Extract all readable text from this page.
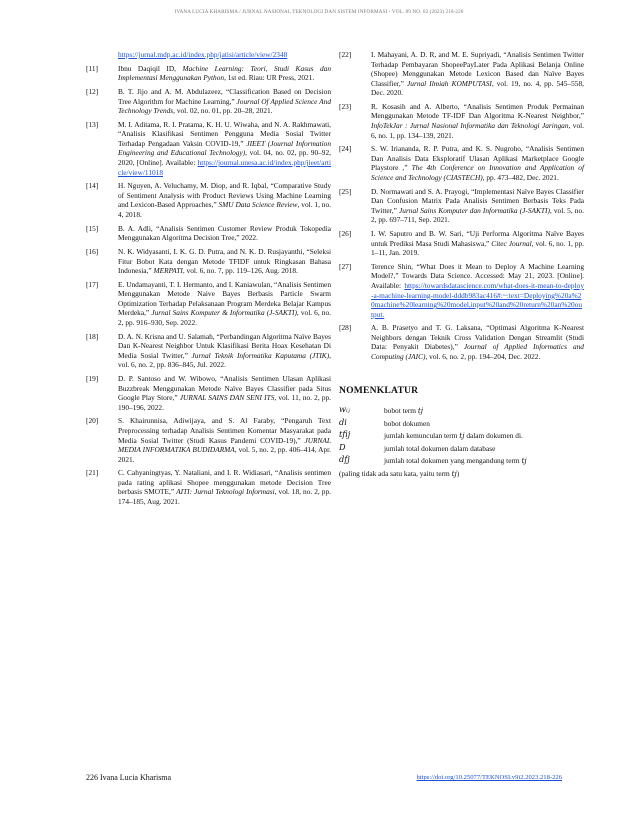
IVANA LUCIA KHARISMA / JURNAL NASIONAL TEKNOLOGI DAN SISTEM INFORMASI - VOL. 09 NO. 02 (2023) 218-226
https://jurnal.mdp.ac.id/index.php/jatisi/article/view/2348
[11]	Ibnu Daqiqil ID, Machine Learning: Teori, Studi Kasus dan Implementasi Menggunakan Python, 1st ed. Riau: UR Press, 2021.
[12]	B. T. Jijo and A. M. Abdulazeez, “Classification Based on Decision Tree Algorithm for Machine Learning,” Journal Of Applied Science And Technology Trends, vol. 02, no. 01, pp. 20–28, 2021.
[13]	M. I. Aditama, R. I. Pratama, K. H. U. Wiwaha, and N. A. Rakhmawati, “Analisis Klasifikasi Sentimen Pengguna Media Sosial Twitter Terhadap Pengadaan Vaksin COVID-19,” JIEET (Journal Information Engineering and Educational Technology), vol. 04, no. 02, pp. 90–92, 2020, [Online]. Available: https://journal.unesa.ac.id/index.php/jieet/article/view/11018
[14]	H. Nguyen, A. Veluchamy, M. Diop, and R. Iqbal, “Comparative Study of Sentiment Analysis with Product Reviews Using Machine Learning and Lexicon-Based Approaches,” SMU Data Science Review, vol. 1, no. 4, 2018.
[15]	B. A. Adli, “Analisis Sentimen Customer Review Produk Tokopedia Menggunakan Algoritma Decision Tree,” 2022.
[16]	N. K. Widyasanti, I. K. G. D. Putra, and N. K. D. Rusjayanthi, “Seleksi Fitur Bobot Kata dengan Metode TFIDF untuk Ringkasan Bahasa Indonesia,” MERPATI, vol. 6, no. 7, pp. 119–126, Aug. 2018.
[17]	E. Undamayanti, T. I. Hermanto, and I. Kaniawulan, “Analisis Sentimen Menggunakan Metode Naive Bayes Berbasis Particle Swarm Optimization Terhadap Pelaksanaan Program Merdeka Belajar Kampus Merdeka,” Jurnal Sains Komputer & Informatika (J-SAKTI), vol. 6, no. 2, pp. 916–930, Sep. 2022.
[18]	D. A. N. Krisna and U. Salamah, “Perbandingan Algoritma Naïve Bayes Dan K-Nearest Neighbor Untuk Klasifikasi Berita Hoax Kesehatan Di Media Sosial Twitter,” Jurnal Teknik Informatika Kaputama (JTIK), vol. 6, no. 2, pp. 836–845, Jul. 2022.
[19]	D. P. Santoso and W. Wibowo, “Analisis Sentimen Ulasan Aplikasi Buzzbreak Menggunakan Metode Naïve Bayes Classifier pada Situs Google Play Store,” JURNAL SAINS DAN SENI ITS, vol. 11, no. 2, pp. 190–196, 2022.
[20]	S. Khairunnisa, Adiwijaya, and S. Al Faraby, “Pengaruh Text Preprocessing terhadap Analisis Sentimen Komentar Masyarakat pada Media Sosial Twitter (Studi Kasus Pandemi COVID-19),” JURNAL MEDIA INFORMATIKA BUDIDARMA, vol. 5, no. 2, pp. 406–414, Apr. 2021.
[21]	C. Cahyaningtyas, Y. Nataliani, and I. R. Widiasari, “Analisis sentimen pada rating aplikasi Shopee menggunakan metode Decision Tree berbasis SMOTE,” AITI: Jurnal Teknologi Informasi, vol. 18, no. 2, pp. 174–185, Aug. 2021.
[22]	I. Mahayani, A. D. R, and M. E. Supriyadi, “Analisis Sentimen Twitter Terhadap Pembayaran ShopeePayLater Pada Aplikasi Belanja Online (Shopee) Menggunakan Metode Lexicon Based dan Naïve Bayes Classifier,” Jurnal Ilmiah KOMPUTASI, vol. 19, no. 4, pp. 545–558, Dec. 2020.
[23]	R. Kosasih and A. Alberto, “Analisis Sentimen Produk Permainan Menggunakan Metode TF-IDF Dan Algoritma K-Nearest Neighbor,” InfoTekJar : Jurnal Nasional Informatika dan Teknologi Jaringan, vol. 6, no. 1, pp. 134–139, 2021.
[24]	S. W. Iriananda, R. P. Putra, and K. S. Nugroho, “Analisis Sentimen Dan Analisis Data Eksploratif Ulasan Aplikasi Marketplace Google Playstore ,” The 4th Conference on Innovation and Application of Science and Technology (CIASTECH), pp. 473–482, Dec. 2021.
[25]	D. Normawati and S. A. Prayogi, “Implementasi Naïve Bayes Classifier Dan Confusion Matrix Pada Analisis Sentimen Berbasis Teks Pada Twitter,” Jurnal Sains Komputer dan Informatika (J-SAKTI), vol. 5, no. 2, pp. 697–711, Sep. 2021.
[26]	I. W. Saputro and B. W. Sari, “Uji Performa Algoritma Naïve Bayes untuk Prediksi Masa Studi Mahasiswa,” Citec Journal, vol. 6, no. 1, pp. 1–11, Jan. 2019.
[27]	Terence Shin, “What Does it Mean to Deploy A Machine Learning Model?,” Towards Data Science. Accessed: May 21, 2023. [Online]. Available: https://towardsdatascience.com/what-does-it-mean-to-deploy-a-machine-learning-model-dddb983ac416#:~:text=Deploying%20a%20machine%20learning%20model,input%20and%20return%20an%20output.
[28]	A. B. Prasetyo and T. G. Laksana, “Optimasi Algoritma K-Nearest Neighbors dengan Teknik Cross Validation Dengan Streamlit (Studi Data: Penyakit Diabetes),” Journal of Applied Informatics and Computing (JAIC), vol. 6, no. 2, pp. 194–204, Dec. 2022.
NOMENKLATUR
wᵢⱼ	bobot term tj
di	bobot dokumen
tfij	jumlah kemunculan term tj dalam dokumen di.
D	jumlah total dokumen dalam database
dfj	jumlah total dokumen yang mengandung term tj
(paling tidak ada satu kata, yaitu term tj)
226 Ivana Lucia Kharisma	https://doi.org/10.25077/TEKNOSI.v9i2.2023.218-226
